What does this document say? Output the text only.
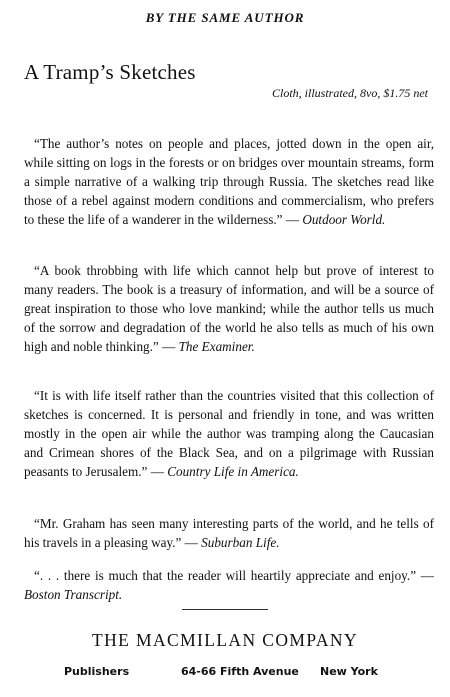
BY THE SAME AUTHOR
A Tramp’s Sketches
Cloth, illustrated, 8vo, $1.75 net

“The author’s notes on people and places, jotted down in the open air, while sitting on logs in the forests or on bridges over mountain streams, form a simple narrative of a walking trip through Russia. The sketches read like those of a rebel against modern conditions and commercialism, who prefers to these the life of a wanderer in the wilderness.” — Outdoor World.

“A book throbbing with life which cannot help but prove of interest to many readers. The book is a treasury of information, and will be a source of great inspiration to those who love mankind; while the author tells us much of the sorrow and degradation of the world he also tells as much of his own high and noble thinking.” — The Examiner.

“It is with life itself rather than the countries visited that this collection of sketches is concerned. It is personal and friendly in tone, and was written mostly in the open air while the author was tramping along the Caucasian and Crimean shores of the Black Sea, and on a pilgrimage with Russian peasants to Jerusalem.” — Country Life in America.

“Mr. Graham has seen many interesting parts of the world, and he tells of his travels in a pleasing way.” — Suburban Life.

“. . . there is much that the reader will heartily appreciate and enjoy.” — Boston Transcript.

THE MACMILLAN COMPANY
Publishers	64-66 Fifth Avenue New York
